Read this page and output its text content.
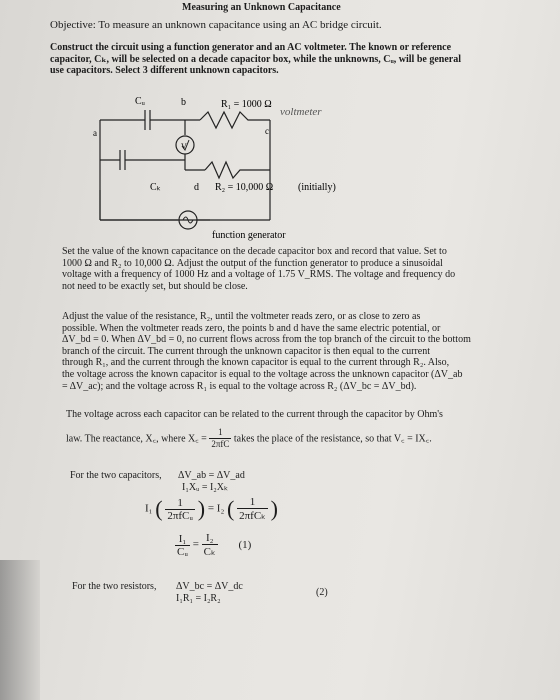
Measuring an Unknown Capacitance
Objective: To measure an unknown capacitance using an AC bridge circuit.
Construct the circuit using a function generator and an AC voltmeter. The known or reference
capacitor, Cₖ, will be selected on a decade capacitor box, while the unknowns, Cᵤ, will be general
use capacitors. Select 3 different unknown capacitors.
Cᵤ	b	R₁ = 1000 Ω
voltmeter
a	c
Cₖ	d R₂ = 10,000 Ω (initially)
V
function generator
Set the value of the known capacitance on the decade capacitor box and record that value. Set to
1000 Ω and R₂ to 10,000 Ω. Adjust the output of the function generator to produce a sinusoidal
voltage with a frequency of 1000 Hz and a voltage of 1.75 V_RMS. The voltage and frequency do
not need to be exactly set, but should be close.
Adjust the value of the resistance, R₂, until the voltmeter reads zero, or as close to zero as
possible. When the voltmeter reads zero, the points b and d have the same electric potential, or
ΔV_bd = 0. When ΔV_bd = 0, no current flows across from the top branch of the circuit to the bottom
branch of the circuit. The current through the unknown capacitor is then equal to the current
through R₁, and the current through the known capacitor is equal to the current through R₂. Also,
the voltage across the known capacitor is equal to the voltage across the unknown capacitor (ΔV_ab
= ΔV_ac); and the voltage across R₁ is equal to the voltage across R₂ (ΔV_bc = ΔV_bd).
The voltage across each capacitor can be related to the current through the capacitor by Ohm's
law. The reactance, X꜀, where X꜀ = $\frac{1}{\text{2πfC}}$ takes the place of the resistance, so that V꜀ = IX꜀.
For the two capacitors, ΔV_ab = ΔV_ad
I₁Xᵤ = I₂Xₖ
I₁ ( $\frac{1}{\text{2πfCᵤ}}$ ) = I₂ ( $\frac{1}{\text{2πfCₖ}}$ )
$\frac{\text{I₁}}{\text{Cᵤ}} = \frac{\text{I₂}}{\text{Cₖ}} (1)$
For the two resistors, ΔV_bc = ΔV_dc
I₁R₁ = I₂R₂
(2)
